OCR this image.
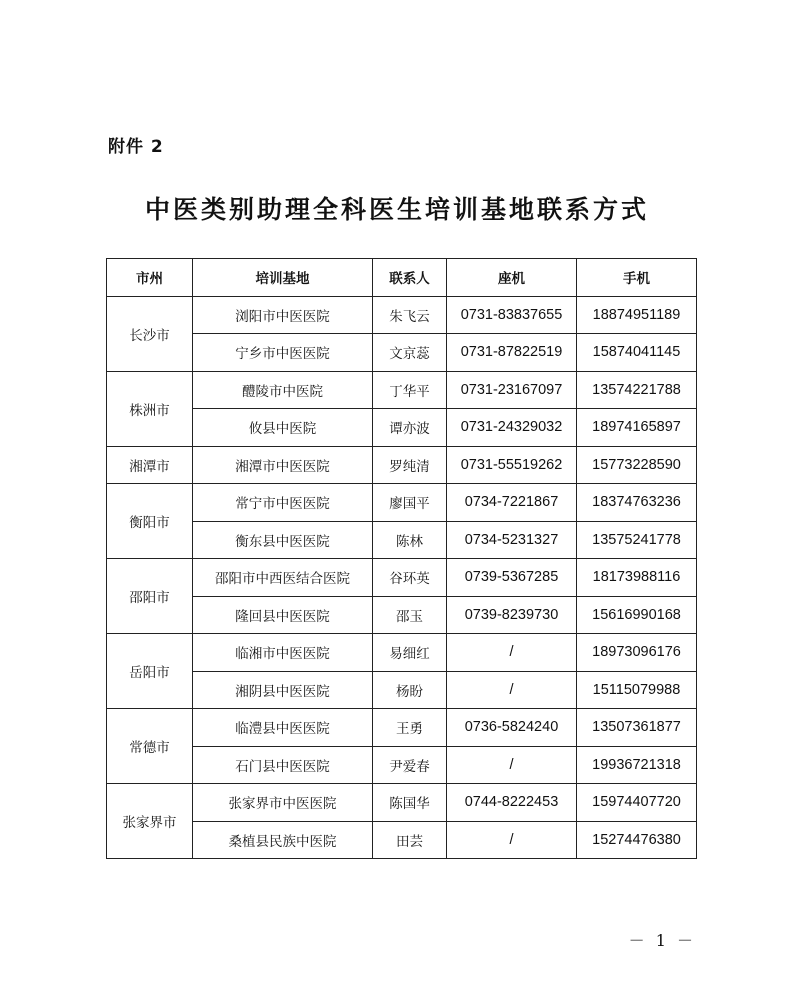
附件 2
中医类别助理全科医生培训基地联系方式
市州	培训基地	联系人	座机	手机
长沙市	浏阳市中医医院	朱飞云	0731-83837655	18874951189
	宁乡市中医医院	文京蕊	0731-87822519	15874041145
株洲市	醴陵市中医院	丁华平	0731-23167097	13574221788
	攸县中医院	谭亦波	0731-24329032	18974165897
湘潭市	湘潭市中医医院	罗纯清	0731-55519262	15773228590
衡阳市	常宁市中医医院	廖国平	0734-7221867	18374763236
	衡东县中医医院	陈林	0734-5231327	13575241778
邵阳市	邵阳市中西医结合医院	谷环英	0739-5367285	18173988116
	隆回县中医医院	邵玉	0739-8239730	15616990168
岳阳市	临湘市中医医院	易细红	/	18973096176
	湘阴县中医医院	杨盼	/	15115079988
常德市	临澧县中医医院	王勇	0736-5824240	13507361877
	石门县中医医院	尹爱春	/	19936721318
张家界市	张家界市中医医院	陈国华	0744-8222453	15974407720
	桑植县民族中医院	田芸	/	15274476380
－ 1 －
